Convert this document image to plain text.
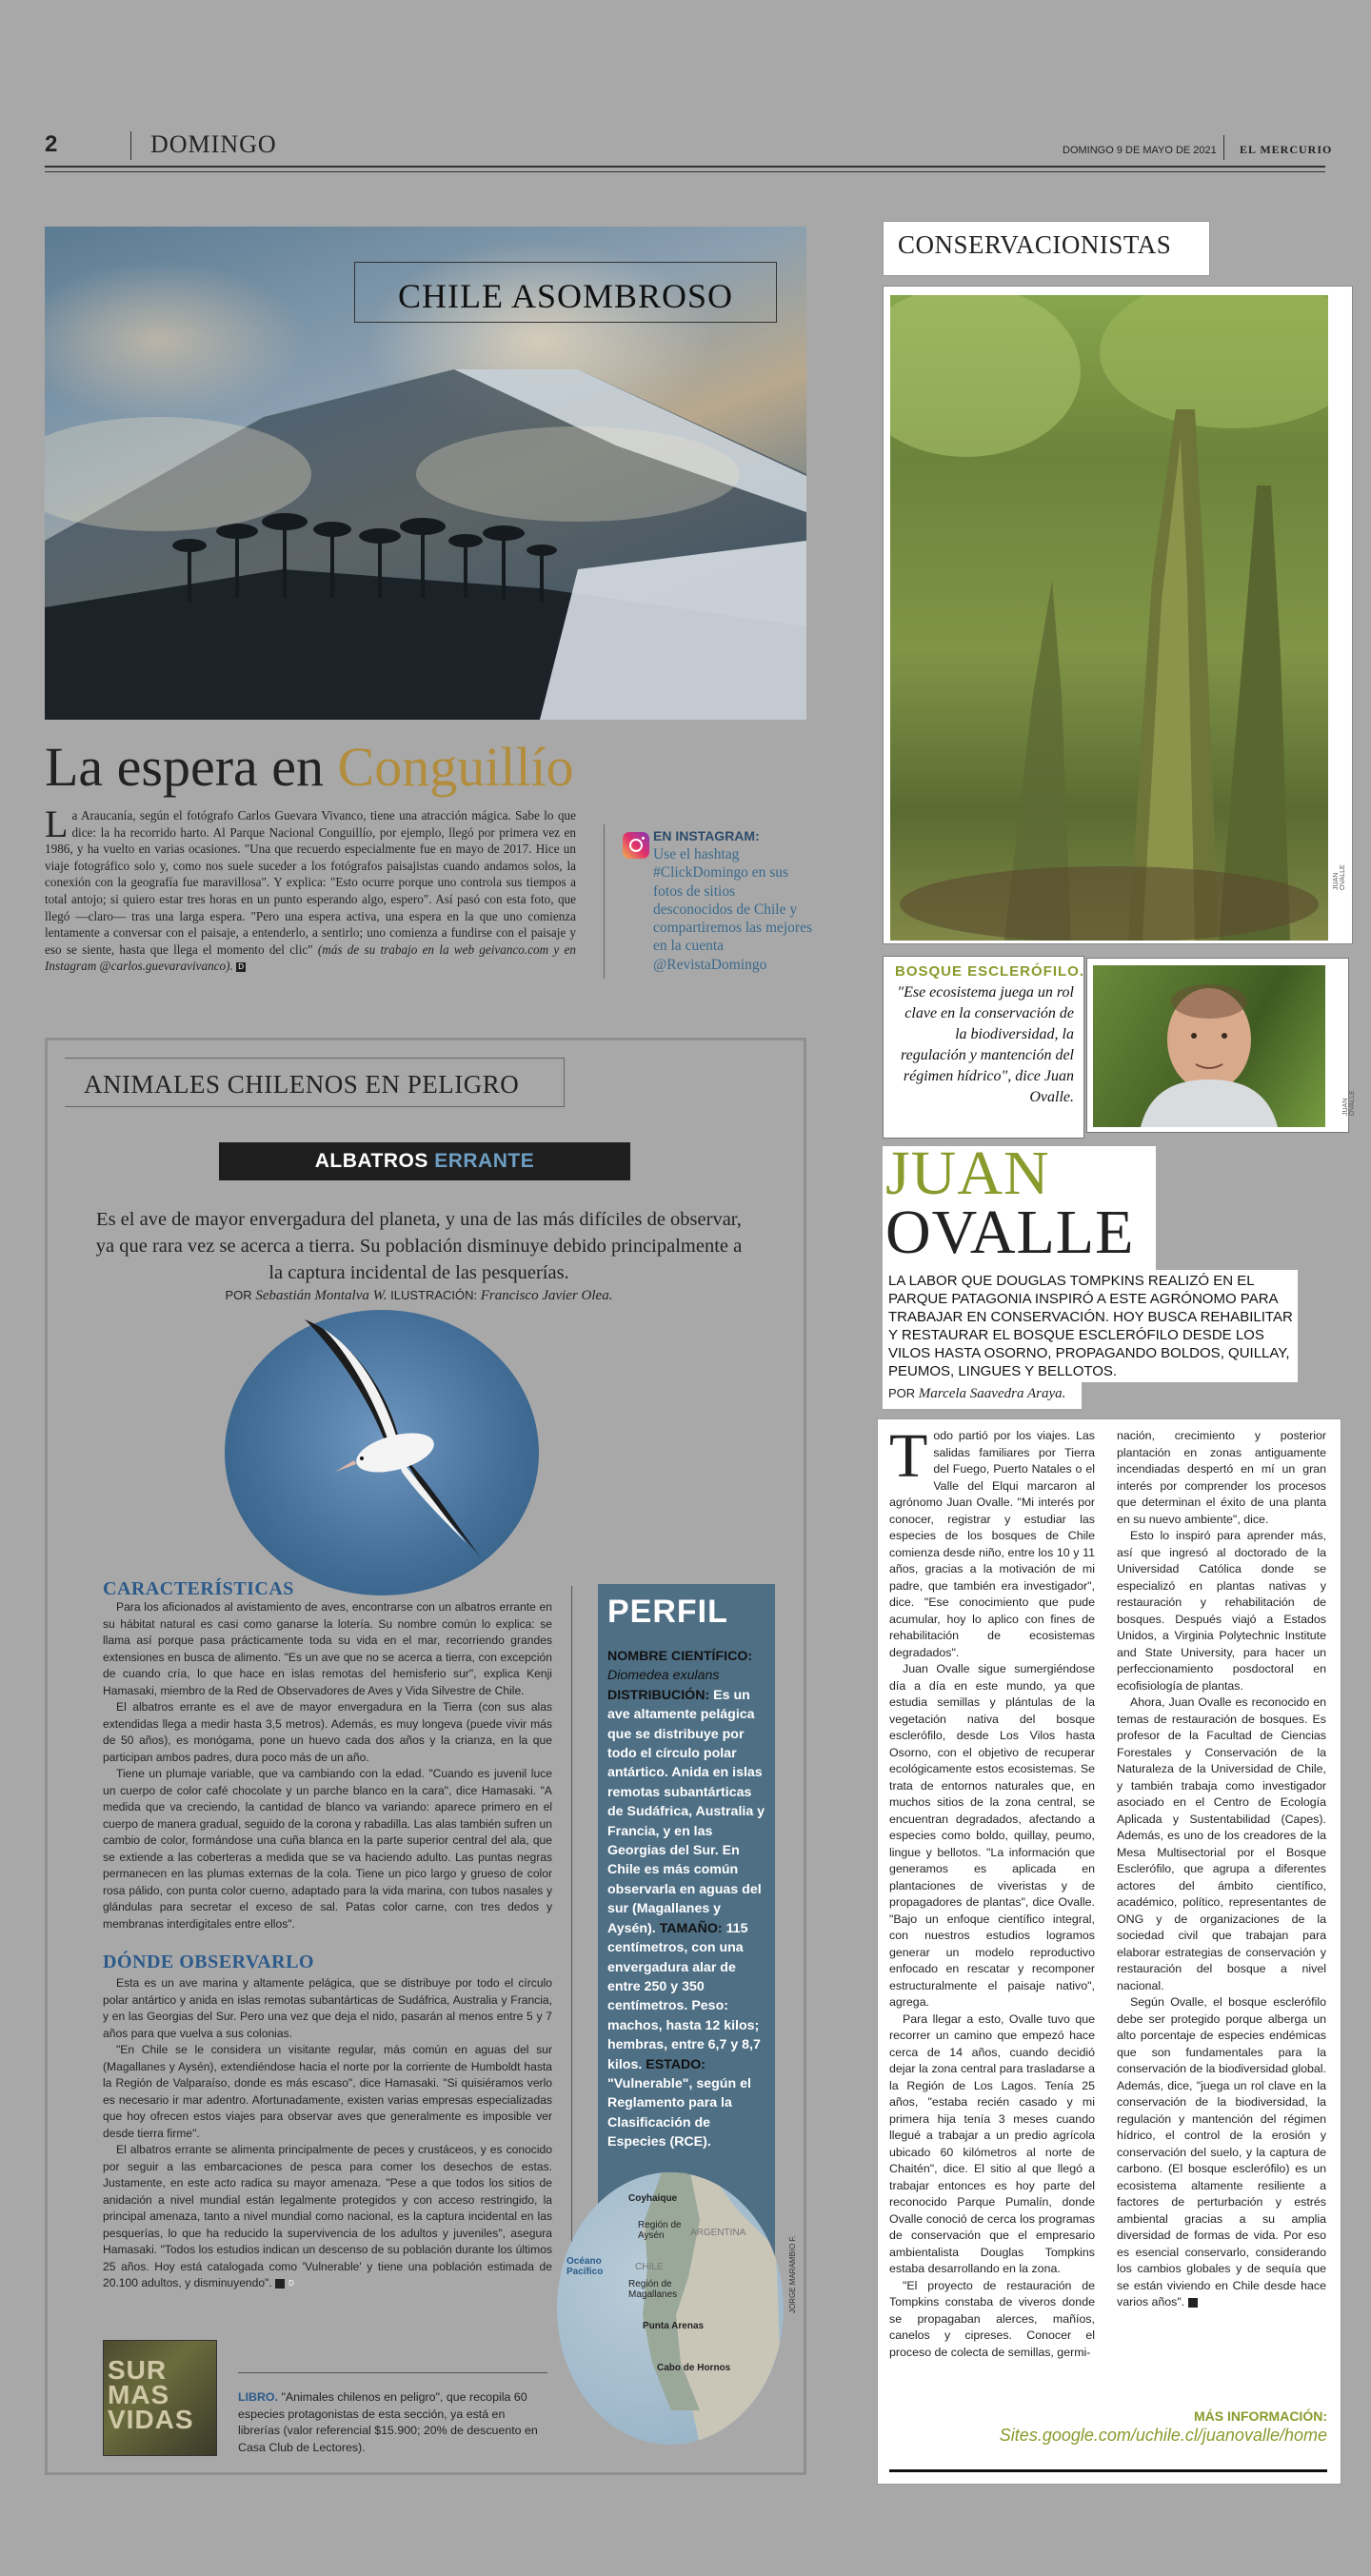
2	DOMINGO	DOMINGO 9 DE MAYO DE 2021 EL MERCURIO
CHILE ASOMBROSO
La espera en Conguillío
La Araucanía, según el fotógrafo Carlos Guevara Vivanco, tiene una atracción mágica. Sabe lo que dice: la ha recorrido harto. Al Parque Nacional Conguillío, por ejemplo, llegó por primera vez en 1986, y ha vuelto en varias ocasiones. "Una que recuerdo especialmente fue en mayo de 2017. Hice un viaje fotográfico solo y, como nos suele suceder a los fotógrafos paisajistas cuando andamos solos, la conexión con la geografía fue maravillosa". Y explica: "Esto ocurre porque uno controla sus tiempos a total antojo; si quiero estar tres horas en un punto esperando algo, espero". Así pasó con esta foto, que llegó —claro— tras una larga espera. "Pero una espera activa, una espera en la que uno comienza lentamente a conversar con el paisaje, a entenderlo, a sentirlo; uno comienza a fundirse con el paisaje y eso se siente, hasta que llega el momento del clic" (más de su trabajo en la web geivanco.com y en Instagram @carlos.guevaravivanco). D
EN INSTAGRAM:
Use el hashtag #ClickDomingo en sus fotos de sitios desconocidos de Chile y compartiremos las mejores en la cuenta @RevistaDomingo
ANIMALES CHILENOS EN PELIGRO
ALBATROS ERRANTE
Es el ave de mayor envergadura del planeta, y una de las más difíciles de observar, ya que rara vez se acerca a tierra. Su población disminuye debido principalmente a la captura incidental de las pesquerías.
POR Sebastián Montalva W. ILUSTRACIÓN: Francisco Javier Olea.
CARACTERÍSTICAS

Para los aficionados al avistamiento de aves, encontrarse con un albatros errante en su hábitat natural es casi como ganarse la lotería. Su nombre común lo explica: se llama así porque pasa prácticamente toda su vida en el mar, recorriendo grandes extensiones en busca de alimento. "Es un ave que no se acerca a tierra, con excepción de cuando cría, lo que hace en islas remotas del hemisferio sur", explica Kenji Hamasaki, miembro de la Red de Observadores de Aves y Vida Silvestre de Chile.

El albatros errante es el ave de mayor envergadura en la Tierra (con sus alas extendidas llega a medir hasta 3,5 metros). Además, es muy longeva (puede vivir más de 50 años), es monógama, pone un huevo cada dos años y la crianza, en la que participan ambos padres, dura poco más de un año.

Tiene un plumaje variable, que va cambiando con la edad. "Cuando es juvenil luce un cuerpo de color café chocolate y un parche blanco en la cara", dice Hamasaki. "A medida que va creciendo, la cantidad de blanco va variando: aparece primero en el cuerpo de manera gradual, seguido de la corona y rabadilla. Las alas también sufren un cambio de color, formándose una cuña blanca en la parte superior central del ala, que se extiende a las coberteras a medida que se va haciendo adulto. Las puntas negras permanecen en las plumas externas de la cola. Tiene un pico largo y grueso de color rosa pálido, con punta color cuerno, adaptado para la vida marina, con tubos nasales y glándulas para secretar el exceso de sal. Patas color carne, con tres dedos y membranas interdigitales entre ellos".

DÓNDE OBSERVARLO

Esta es un ave marina y altamente pelágica, que se distribuye por todo el círculo polar antártico y anida en islas remotas subantárticas de Sudáfrica, Australia y Francia, y en las Georgias del Sur. Pero una vez que deja el nido, pasarán al menos entre 5 y 7 años para que vuelva a sus colonias.

"En Chile se le considera un visitante regular, más común en aguas del sur (Magallanes y Aysén), extendiéndose hacia el norte por la corriente de Humboldt hasta la Región de Valparaíso, donde es más escaso", dice Hamasaki. "Si quisiéramos verlo es necesario ir mar adentro. Afortunadamente, existen varias empresas especializadas que hoy ofrecen estos viajes para observar aves que generalmente es imposible ver desde tierra firme".

El albatros errante se alimenta principalmente de peces y crustáceos, y es conocido por seguir a las embarcaciones de pesca para comer los desechos de estas. Justamente, en este acto radica su mayor amenaza. "Pese a que todos los sitios de anidación a nivel mundial están legalmente protegidos y con acceso restringido, la principal amenaza, tanto a nivel mundial como nacional, es la captura incidental en las pesquerías, lo que ha reducido la supervivencia de los adultos y juveniles", asegura Hamasaki. "Todos los estudios indican un descenso de su población durante los últimos 25 años. Hoy está catalogada como 'Vulnerable' y tiene una población estimada de 20.100 adultos, y disminuyendo". D

PERFIL
NOMBRE CIENTÍFICO:
Diomedea exulans
DISTRIBUCIÓN: Es un ave altamente pelágica que se distribuye por todo el círculo polar antártico. Anida en islas remotas subantárticas de Sudáfrica, Australia y Francia, y en las Georgias del Sur. En Chile es más común observarla en aguas del sur (Magallanes y Aysén). TAMAÑO: 115 centímetros, con una envergadura alar de entre 250 y 350 centímetros. Peso: machos, hasta 12 kilos; hembras, entre 6,7 y 8,7 kilos. ESTADO: "Vulnerable", según el Reglamento para la Clasificación de Especies (RCE).
Coyhaique
Región de Aysén	ARGENTINA
Océano Pacífico	CHILE
Región de Magallanes
Punta Arenas
Cabo de Hornos
JORGE MARAMBIO F.
SUR MAS VIDAS
LIBRO. "Animales chilenos en peligro", que recopila 60 especies protagonistas de esta sección, ya está en librerías (valor referencial $15.900; 20% de descuento en Casa Club de Lectores).
CONSERVACIONISTAS
JUAN OVALLE
BOSQUE ESCLERÓFILO.
"Ese ecosistema juega un rol clave en la conservación de la biodiversidad, la regulación y mantención del régimen hídrico", dice Juan Ovalle.
JUAN OVALLE
JUAN
OVALLE
LA LABOR QUE DOUGLAS TOMPKINS REALIZÓ EN EL PARQUE PATAGONIA INSPIRÓ A ESTE AGRÓNOMO PARA TRABAJAR EN CONSERVACIÓN. HOY BUSCA REHABILITAR Y RESTAURAR EL BOSQUE ESCLERÓFILO DESDE LOS VILOS HASTA OSORNO, PROPAGANDO BOLDOS, QUILLAY, PEUMOS, LINGUES Y BELLOTOS.
POR Marcela Saavedra Araya.

Todo partió por los viajes. Las salidas familiares por Tierra del Fuego, Puerto Natales o el Valle del Elqui marcaron al agrónomo Juan Ovalle. "Mi interés por conocer, registrar y estudiar las especies de los bosques de Chile comienza desde niño, entre los 10 y 11 años, gracias a la motivación de mi padre, que también era investigador", dice. "Ese conocimiento que pude acumular, hoy lo aplico con fines de rehabilitación de ecosistemas degradados".

Juan Ovalle sigue sumergiéndose día a día en este mundo, ya que estudia semillas y plántulas de la vegetación nativa del bosque esclerófilo, desde Los Vilos hasta Osorno, con el objetivo de recuperar ecológicamente estos ecosistemas. Se trata de entornos naturales que, en muchos sitios de la zona central, se encuentran degradados, afectando a especies como boldo, quillay, peumo, lingue y bellotos. "La información que generamos es aplicada en plantaciones de viveristas y de propagadores de plantas", dice Ovalle. "Bajo un enfoque científico integral, con nuestros estudios logramos generar un modelo reproductivo enfocado en rescatar y recomponer estructuralmente el paisaje nativo", agrega.

Para llegar a esto, Ovalle tuvo que recorrer un camino que empezó hace cerca de 14 años, cuando decidió dejar la zona central para trasladarse a la Región de Los Lagos. Tenía 25 años, "estaba recién casado y mi primera hija tenía 3 meses cuando llegué a trabajar a un predio agrícola ubicado 60 kilómetros al norte de Chaitén", dice. El sitio al que llegó a trabajar entonces es hoy parte del reconocido Parque Pumalín, donde Ovalle conoció de cerca los programas de conservación que el empresario ambientalista Douglas Tompkins estaba desarrollando en la zona.

"El proyecto de restauración de Tompkins constaba de viveros donde se propagaban alerces, mañíos, canelos y cipreses. Conocer el proceso de colecta de semillas, germi-

nación, crecimiento y posterior plantación en zonas antiguamente incendiadas despertó en mí un gran interés por comprender los procesos que determinan el éxito de una planta en su nuevo ambiente", dice.

Esto lo inspiró para aprender más, así que ingresó al doctorado de la Universidad Católica donde se especializó en plantas nativas y restauración y rehabilitación de bosques. Después viajó a Estados Unidos, a Virginia Polytechnic Institute and State University, para hacer un perfeccionamiento posdoctoral en ecofisiología de plantas.

Ahora, Juan Ovalle es reconocido en temas de restauración de bosques. Es profesor de la Facultad de Ciencias Forestales y Conservación de la Naturaleza de la Universidad de Chile, y también trabaja como investigador asociado en el Centro de Ecología Aplicada y Sustentabilidad (Capes). Además, es uno de los creadores de la Mesa Multisectorial por el Bosque Esclerófilo, que agrupa a diferentes actores del ámbito científico, académico, político, representantes de ONG y de organizaciones de la sociedad civil que trabajan para elaborar estrategias de conservación y restauración del bosque a nivel nacional.

Según Ovalle, el bosque esclerófilo debe ser protegido porque alberga un alto porcentaje de especies endémicas que son fundamentales para la conservación de la biodiversidad global. Además, dice, "juega un rol clave en la conservación de la biodiversidad, la regulación y mantención del régimen hídrico, el control de la erosión y conservación del suelo, y la captura de carbono. (El bosque esclerófilo) es un ecosistema altamente resiliente a factores de perturbación y estrés ambiental gracias a su amplia diversidad de formas de vida. Por eso es esencial conservarlo, considerando los cambios globales y de sequía que se están viviendo en Chile desde hace varios años". D

MÁS INFORMACIÓN:
Sites.google.com/uchile.cl/juanovalle/home
